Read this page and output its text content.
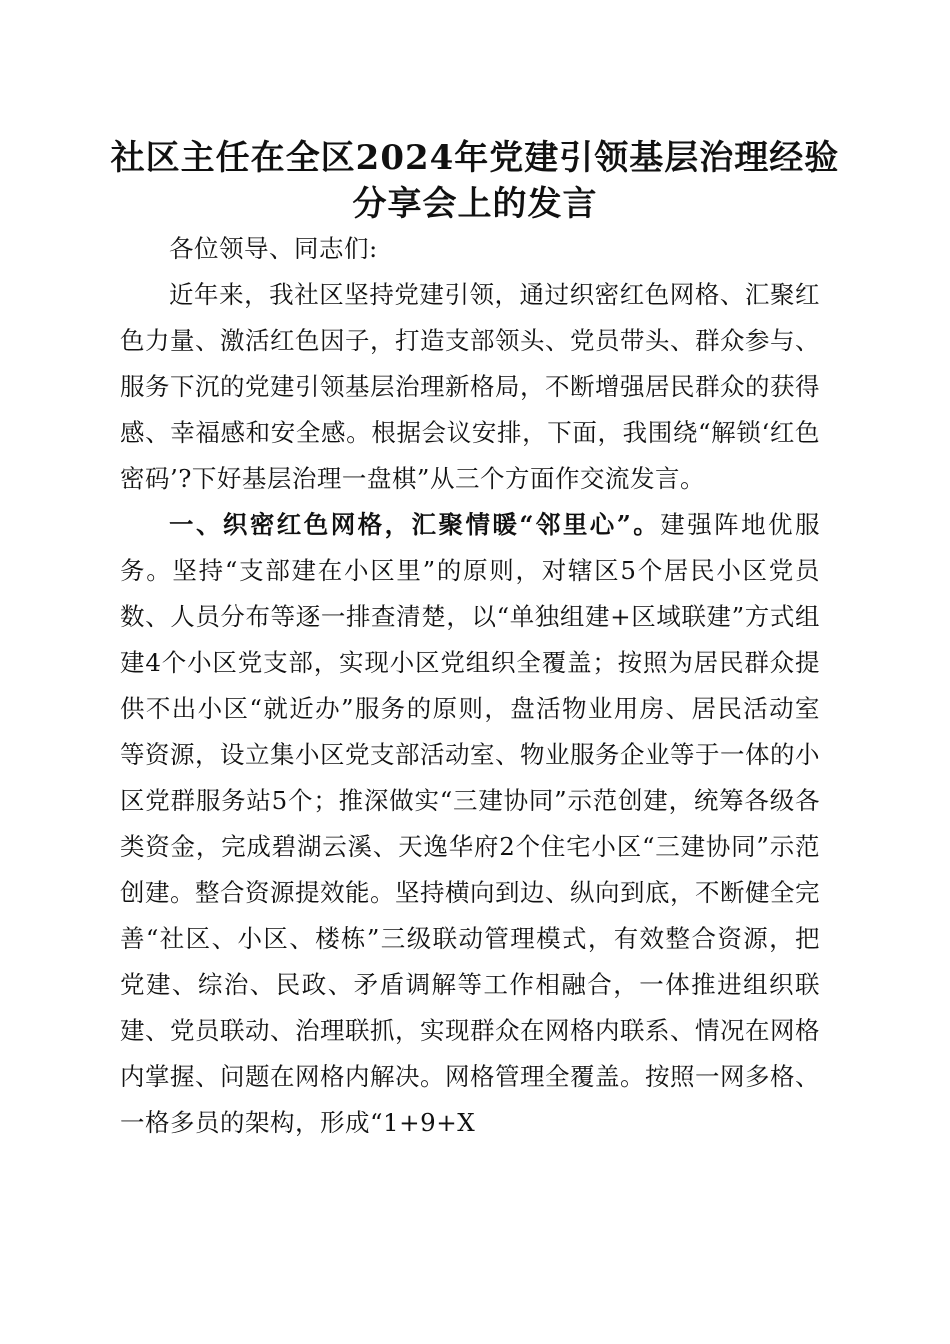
社区主任在全区2024年党建引领基层治理经验分享会上的发言

各位领导、同志们:

近年来，我社区坚持党建引领，通过织密红色网格、汇聚红色力量、激活红色因子，打造支部领头、党员带头、群众参与、服务下沉的党建引领基层治理新格局，不断增强居民群众的获得感、幸福感和安全感。根据会议安排，下面，我围绕“解锁‘红色密码’?下好基层治理一盘棋”从三个方面作交流发言。

一、织密红色网格，汇聚情暖“邻里心”。建强阵地优服务。坚持“支部建在小区里”的原则，对辖区5个居民小区党员数、人员分布等逐一排查清楚，以“单独组建+区域联建”方式组建4个小区党支部，实现小区党组织全覆盖；按照为居民群众提供不出小区“就近办”服务的原则，盘活物业用房、居民活动室等资源，设立集小区党支部活动室、物业服务企业等于一体的小区党群服务站5个；推深做实“三建协同”示范创建，统筹各级各类资金，完成碧湖云溪、天逸华府2个住宅小区“三建协同”示范创建。整合资源提效能。坚持横向到边、纵向到底，不断健全完善“社区、小区、楼栋”三级联动管理模式，有效整合资源，把党建、综治、民政、矛盾调解等工作相融合，一体推进组织联建、党员联动、治理联抓，实现群众在网格内联系、情况在网格内掌握、问题在网格内解决。网格管理全覆盖。按照一网多格、一格多员的架构，形成“1+9+X
